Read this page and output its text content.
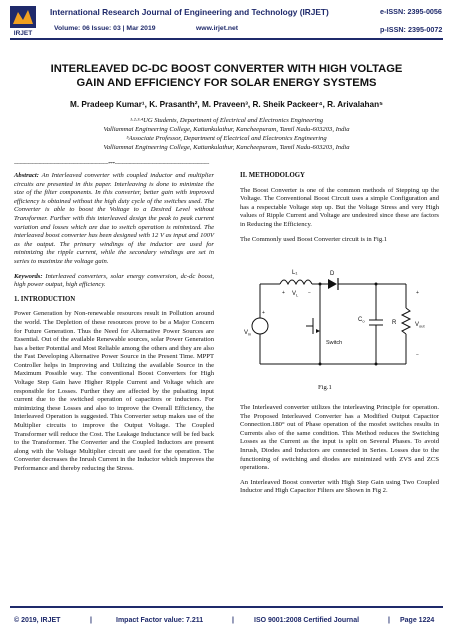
IRJET
International Research Journal of Engineering and Technology (IRJET)	e-ISSN: 2395-0056
Volume: 06 Issue: 03 | Mar 2019	www.irjet.net	p-ISSN: 2395-0072
INTERLEAVED DC-DC BOOST CONVERTER WITH HIGH VOLTAGE
GAIN AND EFFICIENCY FOR SOLAR ENERGY SYSTEMS
M. Pradeep Kumar¹, K. Prasanth², M. Praveen³, R. Sheik Packeer⁴, R. Arivalahan⁵
¹·²·³·⁴UG Students, Department of Electrical and Electronics Engineering
Valliammai Engineering College, Kattankulathur, Kancheepuram, Tamil Nadu-603203, India
⁵Associate Professor, Department of Electrical and Electronics Engineering
Valliammai Engineering College, Kattankulathur, Kancheepuram, Tamil Nadu-603203, India
---------------------------------------------------------------------***---------------------------------------------------------------------

Abstract: An Interleaved converter with coupled inductor and multiplier circuits are presented in this paper. Interleaving is done to minimize the size of the filter components. In this converter, better gain with improved efficiency is obtained without the high duty cycle of the switches used. The Converter is able to boost the Voltage to a Desired Level without Transformer. Further with this interleaved design the peak to peak current variation and losses which are due to switch operation is minimized. The interleaved boost converter has been designed with 12 V as input and 100V as the output. The primary windings of the inductor are used for minimizing the ripple current, while the secondary windings are set in series to maximize the voltage gain.

Keywords: Interleaved converters, solar energy conversion, dc-dc boost, high power output, high efficiency.

1. INTRODUCTION

Power Generation by Non-renewable resources result in Pollution around the world. The Depletion of these resources prove to be a Major Concern for Future Generation. Thus the Need for Alternative Power Sources are Essential. Out of the available Renewable sources, solar Power Generation has a better Potential and Most Reliable among the others and they are also the Fast Developing Alternative Power Source in the Present Time. MPPT Controller helps in Improving and Utilizing the available Source in the Maximum Possible way. The conventional Boost Converters for High Voltage Step Gain have Higher Ripple Current and Voltage which are responsible for Losses. Further they are affected by the pulsating input current due to the switched operation of capacitors or inductors. For minimizing these Losses and also to improve the Overall Efficiency, the Interleaved Operation is suggested. This Converter setup makes use of the Multiplier circuits to improve the Output Voltage. The Coupled Transformer will reduce the Cost. The Leakage Inductance will be fed back to the Transformer. The Converter and the Coupled Inductors are present along with the Voltage Multiplier circuit are used for the operation. The Converter decreases the Inrush Current in the Inductor which improves the Performance and thereby reducing the Stress.

II. METHODOLOGY

The Boost Converter is one of the common methods of Stepping up the Voltage. The Conventional Boost Circuit uses a simple Configuration and has a respectable Voltage step up. But the Voltage Stress and very High values of Ripple Current and Voltage are undesired since these are factors in Reducing the Efficiency.

The Commonly used Boost Converter circuit is in Fig.1

L₁
+ $V_L$ −
D
+
$V_{in}$
Switch
$C_o$	R
+
$V_{out}$
−
Fig.1

The Interleaved converter utilizes the interleaving Principle for operation. The Proposed Interleaved Converter has a Modified Output Capacitor Connection.180° out of Phase operation of the mosfet switches results in Currents also of the same condition. This Method reduces the Switching Losses as the Current as the input is split on Several Phases. To avoid Inrush, Diodes and Inductors are connected in Series. Losses due to the functioning of switching and diodes are minimized with ZVS and ZCS operations.

An Interleaved Boost converter with High Step Gain using Two Coupled Inductor and High Capacitor Filters are Shown in Fig 2.

© 2019, IRJET	|	Impact Factor value: 7.211	|	ISO 9001:2008 Certified Journal	| Page 1224
